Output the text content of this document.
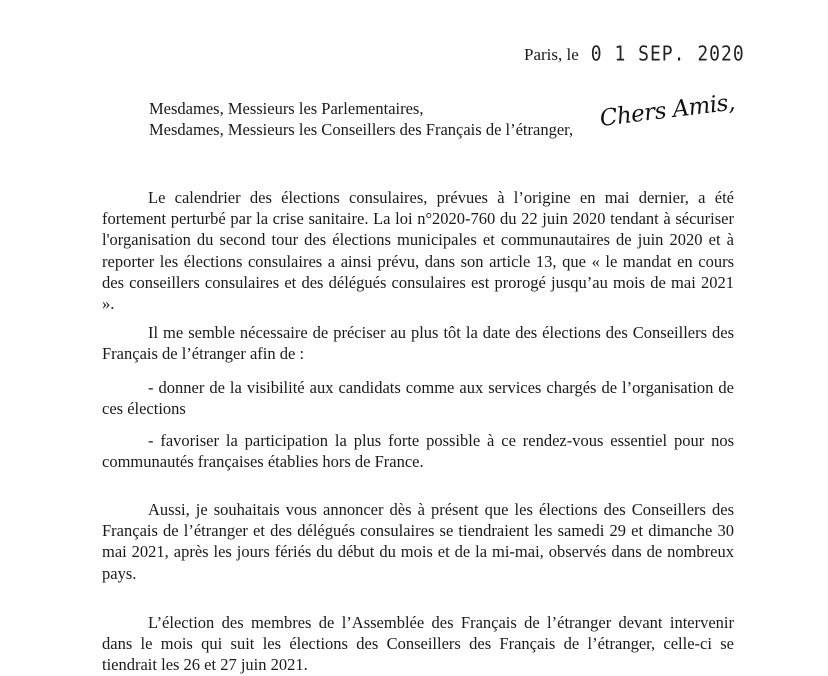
Paris, le 0 1 SEP. 2020
Mesdames, Messieurs les Parlementaires,
Mesdames, Messieurs les Conseillers des Français de l’étranger, Chers Amis,

Le calendrier des élections consulaires, prévues à l’origine en mai dernier, a été fortement perturbé par la crise sanitaire. La loi n°2020-760 du 22 juin 2020 tendant à sécuriser l'organisation du second tour des élections municipales et communautaires de juin 2020 et à reporter les élections consulaires a ainsi prévu, dans son article 13, que « le mandat en cours des conseillers consulaires et des délégués consulaires est prorogé jusqu’au mois de mai 2021 ».

Il me semble nécessaire de préciser au plus tôt la date des élections des Conseillers des Français de l’étranger afin de :

- donner de la visibilité aux candidats comme aux services chargés de l’organisation de ces élections

- favoriser la participation la plus forte possible à ce rendez-vous essentiel pour nos communautés françaises établies hors de France.

Aussi, je souhaitais vous annoncer dès à présent que les élections des Conseillers des Français de l’étranger et des délégués consulaires se tiendraient les samedi 29 et dimanche 30 mai 2021, après les jours fériés du début du mois et de la mi-mai, observés dans de nombreux pays.

L’élection des membres de l’Assemblée des Français de l’étranger devant intervenir dans le mois qui suit les élections des Conseillers des Français de l’étranger, celle-ci se tiendrait les 26 et 27 juin 2021.
